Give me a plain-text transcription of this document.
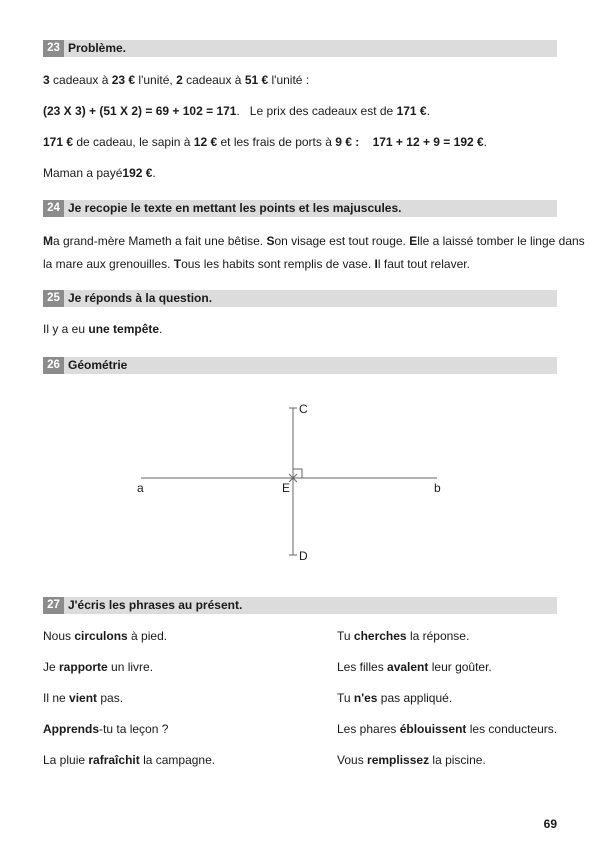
23 Problème.
3 cadeaux à 23 € l'unité, 2 cadeaux à 51 € l'unité :
(23 X 3) + (51 X 2) = 69 + 102 = 171.   Le prix des cadeaux est de 171 €.
171 € de cadeau, le sapin à 12 € et les frais de ports à 9 € :    171 + 12 + 9 = 192 €.
Maman a payé192 €.
24 Je recopie le texte en mettant les points et les majuscules.
Ma grand-mère Mameth a fait une bêtise. Son visage est tout rouge. Elle a laissé tomber le linge dans
la mare aux grenouilles. Tous les habits sont remplis de vase. Il faut tout relaver.
25 Je réponds à la question.
Il y a eu une tempête.
26 Géométrie
a	b
C
D
E
27 J'écris les phrases au présent.
Nous circulons à pied.	Tu cherches la réponse.
Je rapporte un livre.	Les filles avalent leur goûter.
Il ne vient pas.	Tu n'es pas appliqué.
Apprends-tu ta leçon ?	Les phares éblouissent les conducteurs.
La pluie rafraîchit la campagne.	Vous remplissez la piscine.
69
